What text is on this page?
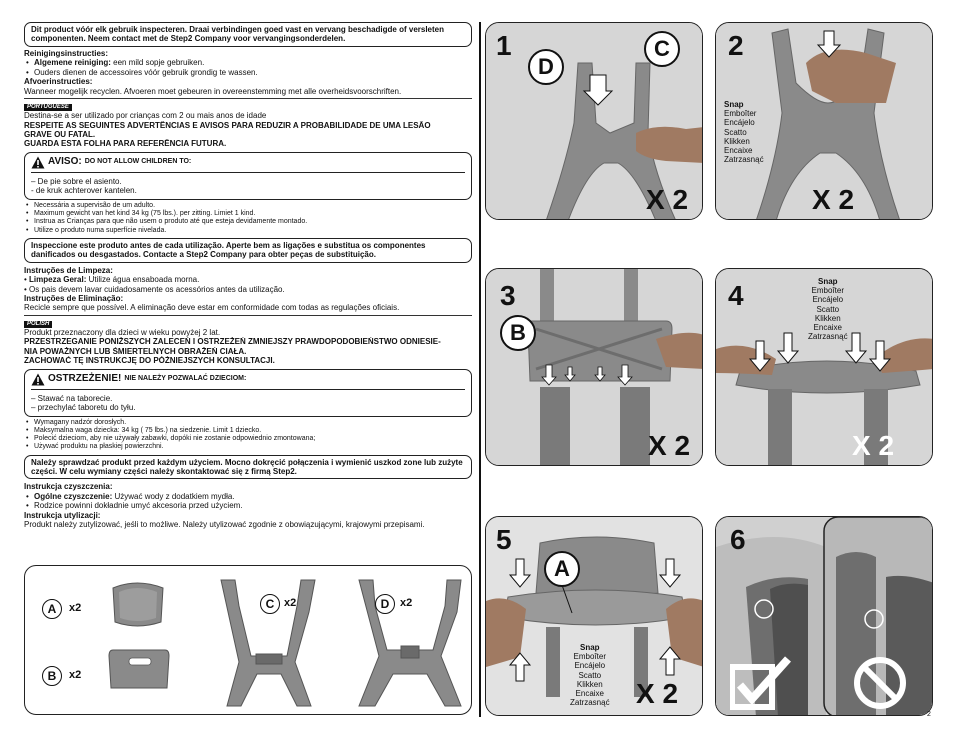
Dit product vóór elk gebruik inspecteren. Draai verbindingen goed vast en vervang beschadigde of versleten componenten. Neem contact met de Step2 Company voor vervangingsonderdelen.
Reinigingsinstructies:
• Algemene reiniging: een mild sopje gebruiken.
• Ouders dienen de accessoires vóór gebruik grondig te wassen.
Afvoerinstructies:
Wanneer mogelijk recyclen. Afvoeren moet gebeuren in overeenstemming met alle overheidsvoorschriften.
PORTUGUESE
Destina-se a ser utilizado por crianças com 2 ou mais anos de idade
RESPEITE AS SEGUINTES ADVERTÊNCIAS E AVISOS PARA REDUZIR A PROBABILIDADE DE UMA LESÃO
GRAVE OU FATAL.
GUARDA ESTA FOLHA PARA REFERÊNCIA FUTURA.
AVISO: DO NOT ALLOW CHILDREN TO:
– De pie sobre el asiento.
- de kruk achterover kantelen.
• Necessária a supervisão de um adulto.
• Maximum gewicht van het kind 34 kg (75 lbs.). per zitting. Limiet 1 kind.
• Instrua as Crianças para que não usem o produto até que esteja devidamente montado.
• Utilize o produto numa superfície nivelada.
Inspeccione este produto antes de cada utilização. Aperte bem as ligações e substitua os componentes danificados ou desgastados. Contacte a Step2 Company para obter peças de substituição.
Instruções de Limpeza:
• Limpeza Geral: Utilize água ensaboada morna.
• Os pais devem lavar cuidadosamente os acessórios antes da utilização.
Instruções de Eliminação:
Recicle sempre que possível. A eliminação deve estar em conformidade com todas as regulações oficiais.
POLISH
Produkt przeznaczony dla dzieci w wieku powyżej 2 lat.
PRZESTRZEGANIE PONIŻSZYCH ZALECEŃ I OSTRZEŻEŃ ZMNIEJSZY PRAWDOPODOBIEŃSTWO ODNIESIE-
NIA POWAŻNYCH LUB ŚMIERTELNYCH OBRAŻEŃ CIAŁA.
ZACHOWAĆ TĘ INSTRUKCJĘ DO PÓŹNIEJSZYCH KONSULTACJI.
OSTRZEŻENIE! NIE NALEŻY POZWALAĆ DZIECIOM:
– Stawać na taborecie.
– przechylać taboretu do tyłu.
• Wymagany nadzór dorosłych.
• Maksymalna waga dziecka: 34 kg ( 75 lbs.) na siedzenie. Limit 1 dziecko.
• Polecić dzieciom, aby nie używały zabawki, dopóki nie zostanie odpowiednio zmontowana;
• Używać produktu na płaskiej powierzchni.
Należy sprawdzać produkt przed każdym użyciem. Mocno dokręcić połączenia i wymienić uszkod zone lub zużyte części. W celu wymiany części należy skontaktować się z firmą Step2.
Instrukcja czyszczenia:
• Ogólne czyszczenie: Używać wody z dodatkiem mydła.
• Rodzice powinni dokładnie umyć akcesoria przed użyciem.
Instrukcja utylizacji:
Produkt należy zutylizować, jeśli to możliwe. Należy utylizować zgodnie z obowiązującymi, krajowymi przepisami.
A	x2
B	x2
C x2	D x2
1
D
C
X 2
2
Snap
Emboîter
Encájelo
Scatto
Klikken
Encaixe
Zatrzasnąć
X 2
3
B
X 2
4	Snap
Emboîter
Encájelo
Scatto
Klikken
Encaixe
Zatrzasnąć
X 2
5
A
Snap
Emboîter
Encájelo
Scatto
Klikken
Encaixe
Zatrzasnąć X 2
6
2
